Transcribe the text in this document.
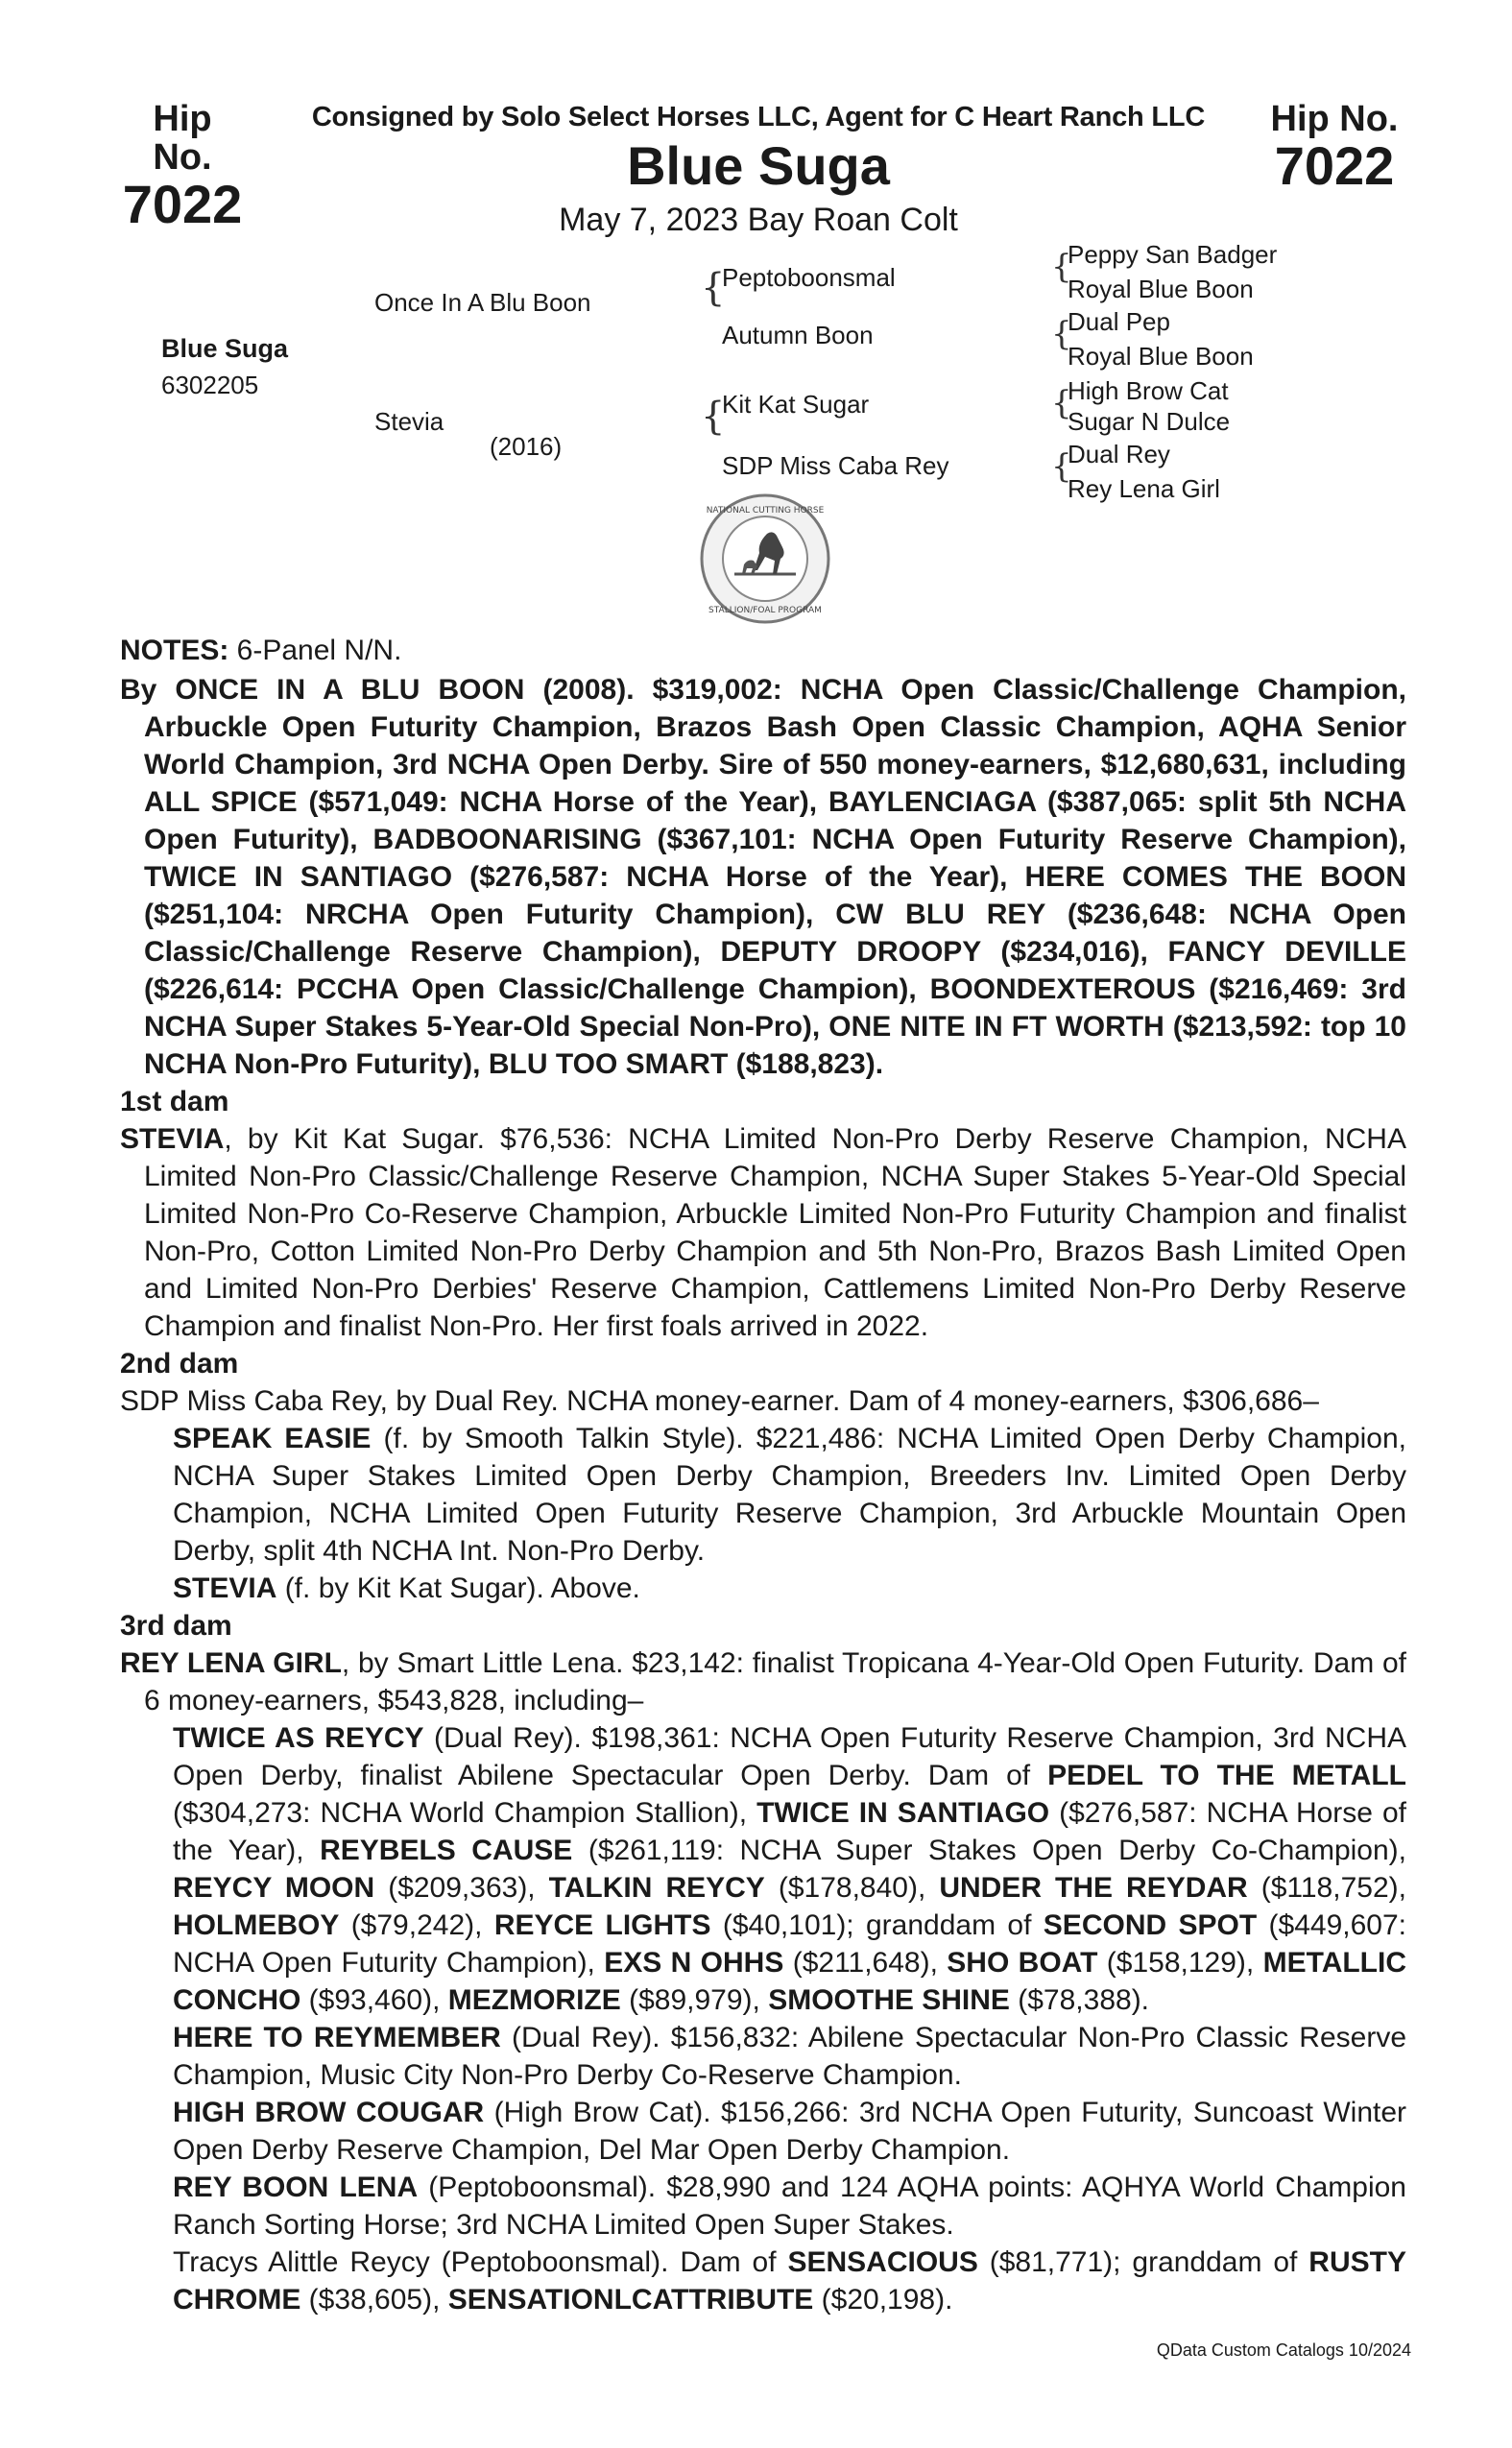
Hip No.
7022
Hip No.
7022
Consigned by Solo Select Horses LLC, Agent for C Heart Ranch LLC
Blue Suga
May 7, 2023 Bay Roan Colt
Blue Suga
6302205
Once In A Blu Boon
Stevia
(2016)
{
Peptoboonsmal
Autumn Boon
{
Kit Kat Sugar
SDP Miss Caba Rey
{
Peppy San Badger
Royal Blue Boon
{
Dual Pep
Royal Blue Boon
{
High Brow Cat
Sugar N Dulce
{
Dual Rey
Rey Lena Girl
NATIONAL CUTTING HORSE
STALLION/FOAL PROGRAM

NOTES: 6-Panel N/N.

By ONCE IN A BLU BOON (2008). $319,002: NCHA Open Classic/Challenge Champion, Arbuckle Open Futurity Champion, Brazos Bash Open Classic Champion, AQHA Senior World Champion, 3rd NCHA Open Derby. Sire of 550 money-earners, $12,680,631, including ALL SPICE ($571,049: NCHA Horse of the Year), BAYLENCIAGA ($387,065: split 5th NCHA Open Futurity), BADBOONARISING ($367,101: NCHA Open Futurity Reserve Champion), TWICE IN SANTIAGO ($276,587: NCHA Horse of the Year), HERE COMES THE BOON ($251,104: NRCHA Open Futurity Champion), CW BLU REY ($236,648: NCHA Open Classic/Challenge Reserve Champion), DEPUTY DROOPY ($234,016), FANCY DEVILLE ($226,614: PCCHA Open Classic/Challenge Champion), BOONDEXTEROUS ($216,469: 3rd NCHA Super Stakes 5-Year-Old Special Non-Pro), ONE NITE IN FT WORTH ($213,592: top 10 NCHA Non-Pro Futurity), BLU TOO SMART ($188,823).

1st dam

STEVIA, by Kit Kat Sugar. $76,536: NCHA Limited Non-Pro Derby Reserve Champion, NCHA Limited Non-Pro Classic/Challenge Reserve Champion, NCHA Super Stakes 5-Year-Old Special Limited Non-Pro Co-Reserve Champion, Arbuckle Limited Non-Pro Futurity Champion and finalist Non-Pro, Cotton Limited Non-Pro Derby Champion and 5th Non-Pro, Brazos Bash Limited Open and Limited Non-Pro Derbies' Reserve Champion, Cattlemens Limited Non-Pro Derby Reserve Champion and finalist Non-Pro. Her first foals arrived in 2022.

2nd dam

SDP Miss Caba Rey, by Dual Rey. NCHA money-earner. Dam of 4 money-earners, $306,686–

SPEAK EASIE (f. by Smooth Talkin Style). $221,486: NCHA Limited Open Derby Champion, NCHA Super Stakes Limited Open Derby Champion, Breeders Inv. Limited Open Derby Champion, NCHA Limited Open Futurity Reserve Champion, 3rd Arbuckle Mountain Open Derby, split 4th NCHA Int. Non-Pro Derby.

STEVIA (f. by Kit Kat Sugar). Above.

3rd dam

REY LENA GIRL, by Smart Little Lena. $23,142: finalist Tropicana 4-Year-Old Open Futurity. Dam of 6 money-earners, $543,828, including–

TWICE AS REYCY (Dual Rey). $198,361: NCHA Open Futurity Reserve Champion, 3rd NCHA Open Derby, finalist Abilene Spectacular Open Derby. Dam of PEDEL TO THE METALL ($304,273: NCHA World Champion Stallion), TWICE IN SANTIAGO ($276,587: NCHA Horse of the Year), REYBELS CAUSE ($261,119: NCHA Super Stakes Open Derby Co-Champion), REYCY MOON ($209,363), TALKIN REYCY ($178,840), UNDER THE REYDAR ($118,752), HOLMEBOY ($79,242), REYCE LIGHTS ($40,101); granddam of SECOND SPOT ($449,607: NCHA Open Futurity Champion), EXS N OHHS ($211,648), SHO BOAT ($158,129), METALLIC CONCHO ($93,460), MEZMORIZE ($89,979), SMOOTHE SHINE ($78,388).

HERE TO REYMEMBER (Dual Rey). $156,832: Abilene Spectacular Non-Pro Classic Reserve Champion, Music City Non-Pro Derby Co-Reserve Champion.

HIGH BROW COUGAR (High Brow Cat). $156,266: 3rd NCHA Open Futurity, Suncoast Winter Open Derby Reserve Champion, Del Mar Open Derby Champion.

REY BOON LENA (Peptoboonsmal). $28,990 and 124 AQHA points: AQHYA World Champion Ranch Sorting Horse; 3rd NCHA Limited Open Super Stakes.

Tracys Alittle Reycy (Peptoboonsmal). Dam of SENSACIOUS ($81,771); granddam of RUSTY CHROME ($38,605), SENSATIONLCATTRIBUTE ($20,198).

QData Custom Catalogs 10/2024
